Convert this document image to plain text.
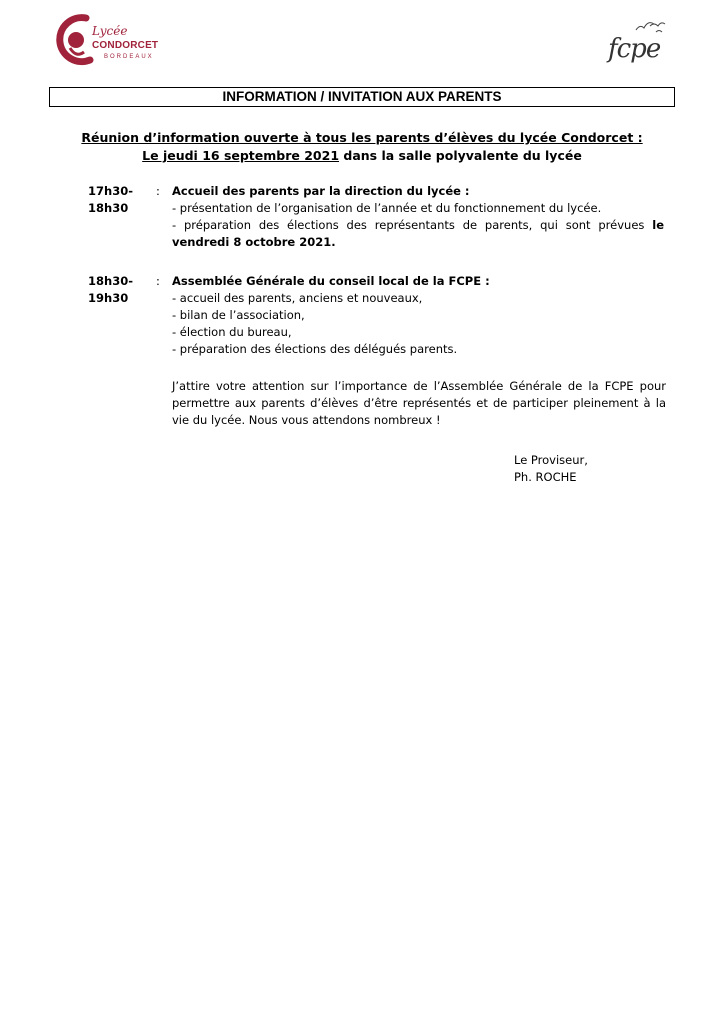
Lycée
CONDORCET
BORDEAUX	fcpe
INFORMATION / INVITATION AUX PARENTS
Réunion d’information ouverte à tous les parents d’élèves du lycée Condorcet :
Le jeudi 16 septembre 2021 dans la salle polyvalente du lycée
17h30-
18h30
: Accueil des parents par la direction du lycée :
- présentation de l’organisation de l’année et du fonctionnement du lycée.
- préparation des élections des représentants de parents, qui sont prévues le
vendredi 8 octobre 2021.
18h30-
19h30
: Assemblée Générale du conseil local de la FCPE :
- accueil des parents, anciens et nouveaux,
- bilan de l’association,
- élection du bureau,
- préparation des élections des délégués parents.
J’attire votre attention sur l’importance de l’Assemblée Générale de la FCPE pour permettre aux parents d’élèves d’être représentés et de participer pleinement à la vie du lycée. Nous vous attendons nombreux !
Le Proviseur,
Ph. ROCHE
